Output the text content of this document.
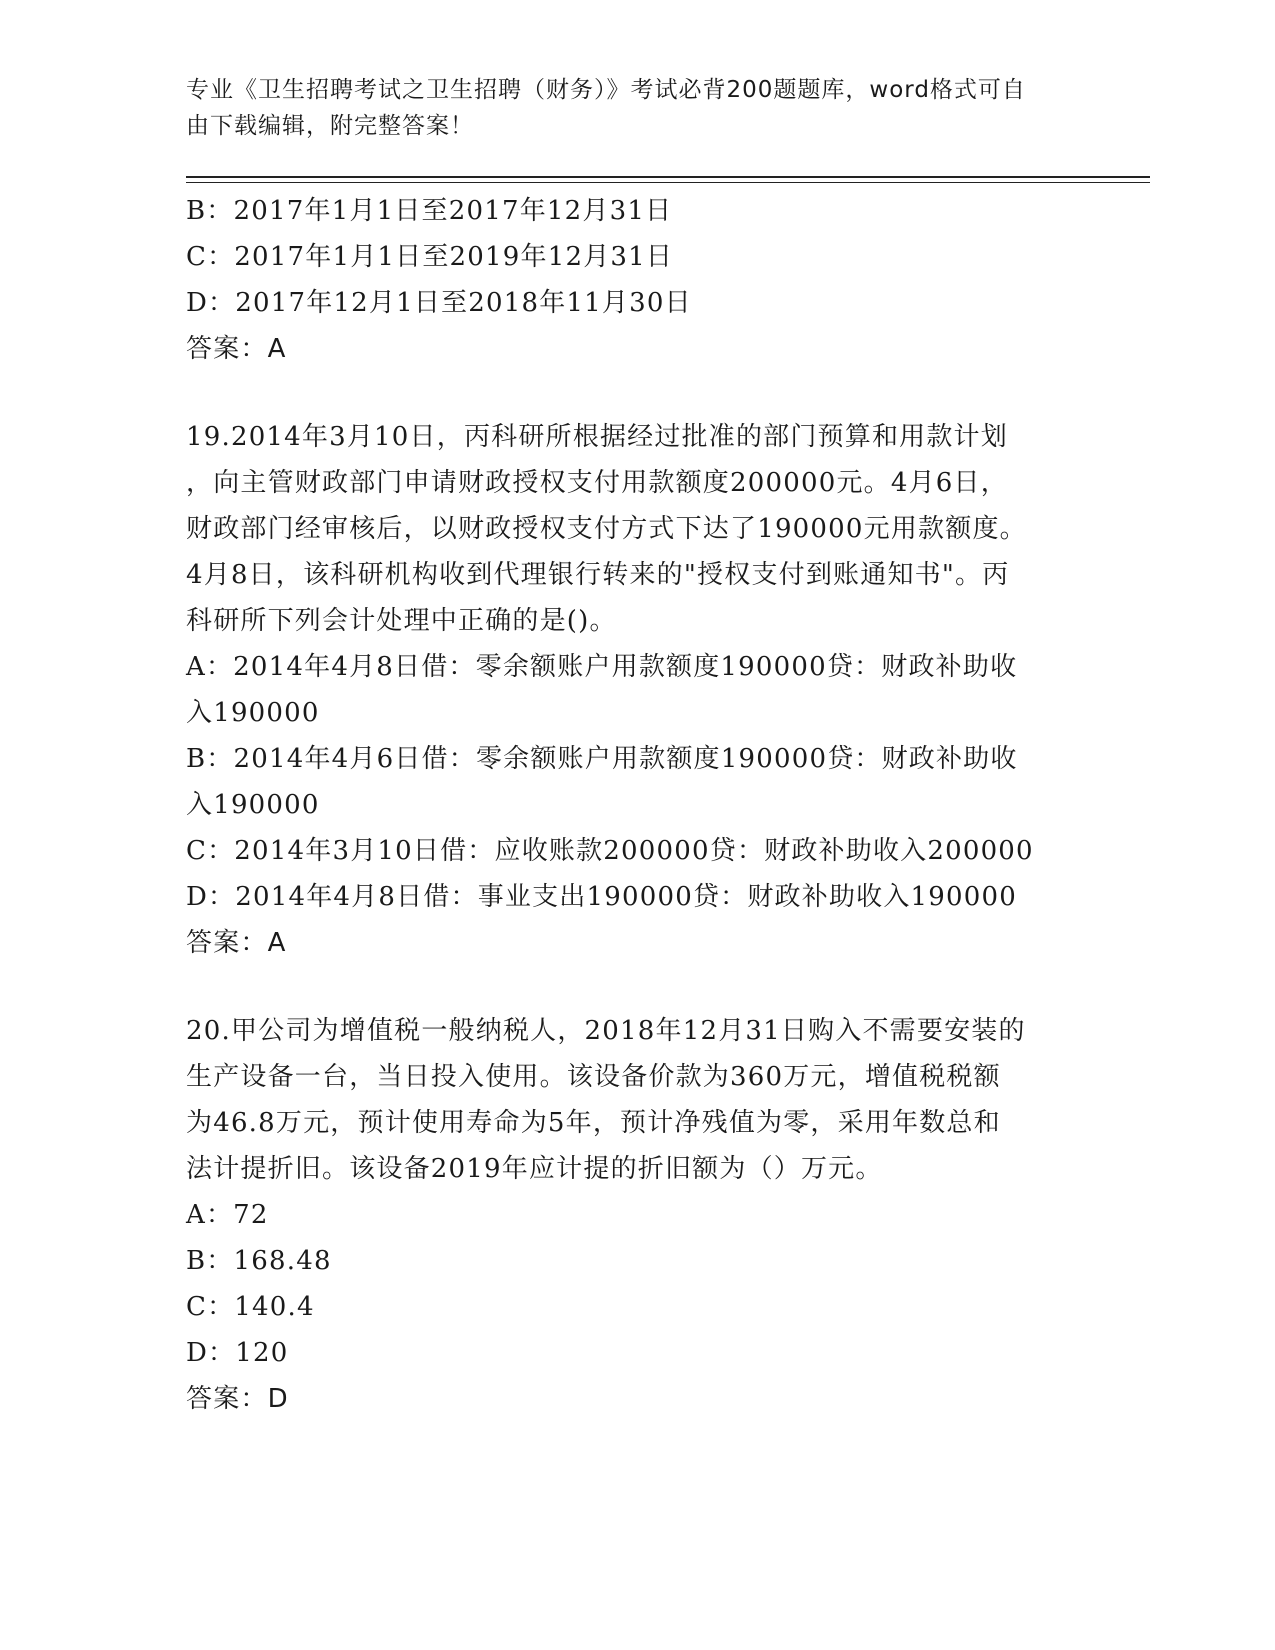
专业《卫生招聘考试之卫生招聘（财务）》考试必背200题题库，word格式可自
由下载编辑，附完整答案！
B：2017年1月1日至2017年12月31日
C：2017年1月1日至2019年12月31日
D：2017年12月1日至2018年11月30日
答案：A
19.2014年3月10日，丙科研所根据经过批准的部门预算和用款计划
，向主管财政部门申请财政授权支付用款额度200000元。4月6日，
财政部门经审核后，以财政授权支付方式下达了190000元用款额度。
4月8日，该科研机构收到代理银行转来的"授权支付到账通知书"。丙
科研所下列会计处理中正确的是()。
A：2014年4月8日借：零余额账户用款额度190000贷：财政补助收
入190000
B：2014年4月6日借：零余额账户用款额度190000贷：财政补助收
入190000
C：2014年3月10日借：应收账款200000贷：财政补助收入200000
D：2014年4月8日借：事业支出190000贷：财政补助收入190000
答案：A
20.甲公司为增值税一般纳税人，2018年12月31日购入不需要安装的
生产设备一台，当日投入使用。该设备价款为360万元，增值税税额
为46.8万元，预计使用寿命为5年，预计净残值为零，采用年数总和
法计提折旧。该设备2019年应计提的折旧额为（）万元。
A：72
B：168.48
C：140.4
D：120
答案：D
